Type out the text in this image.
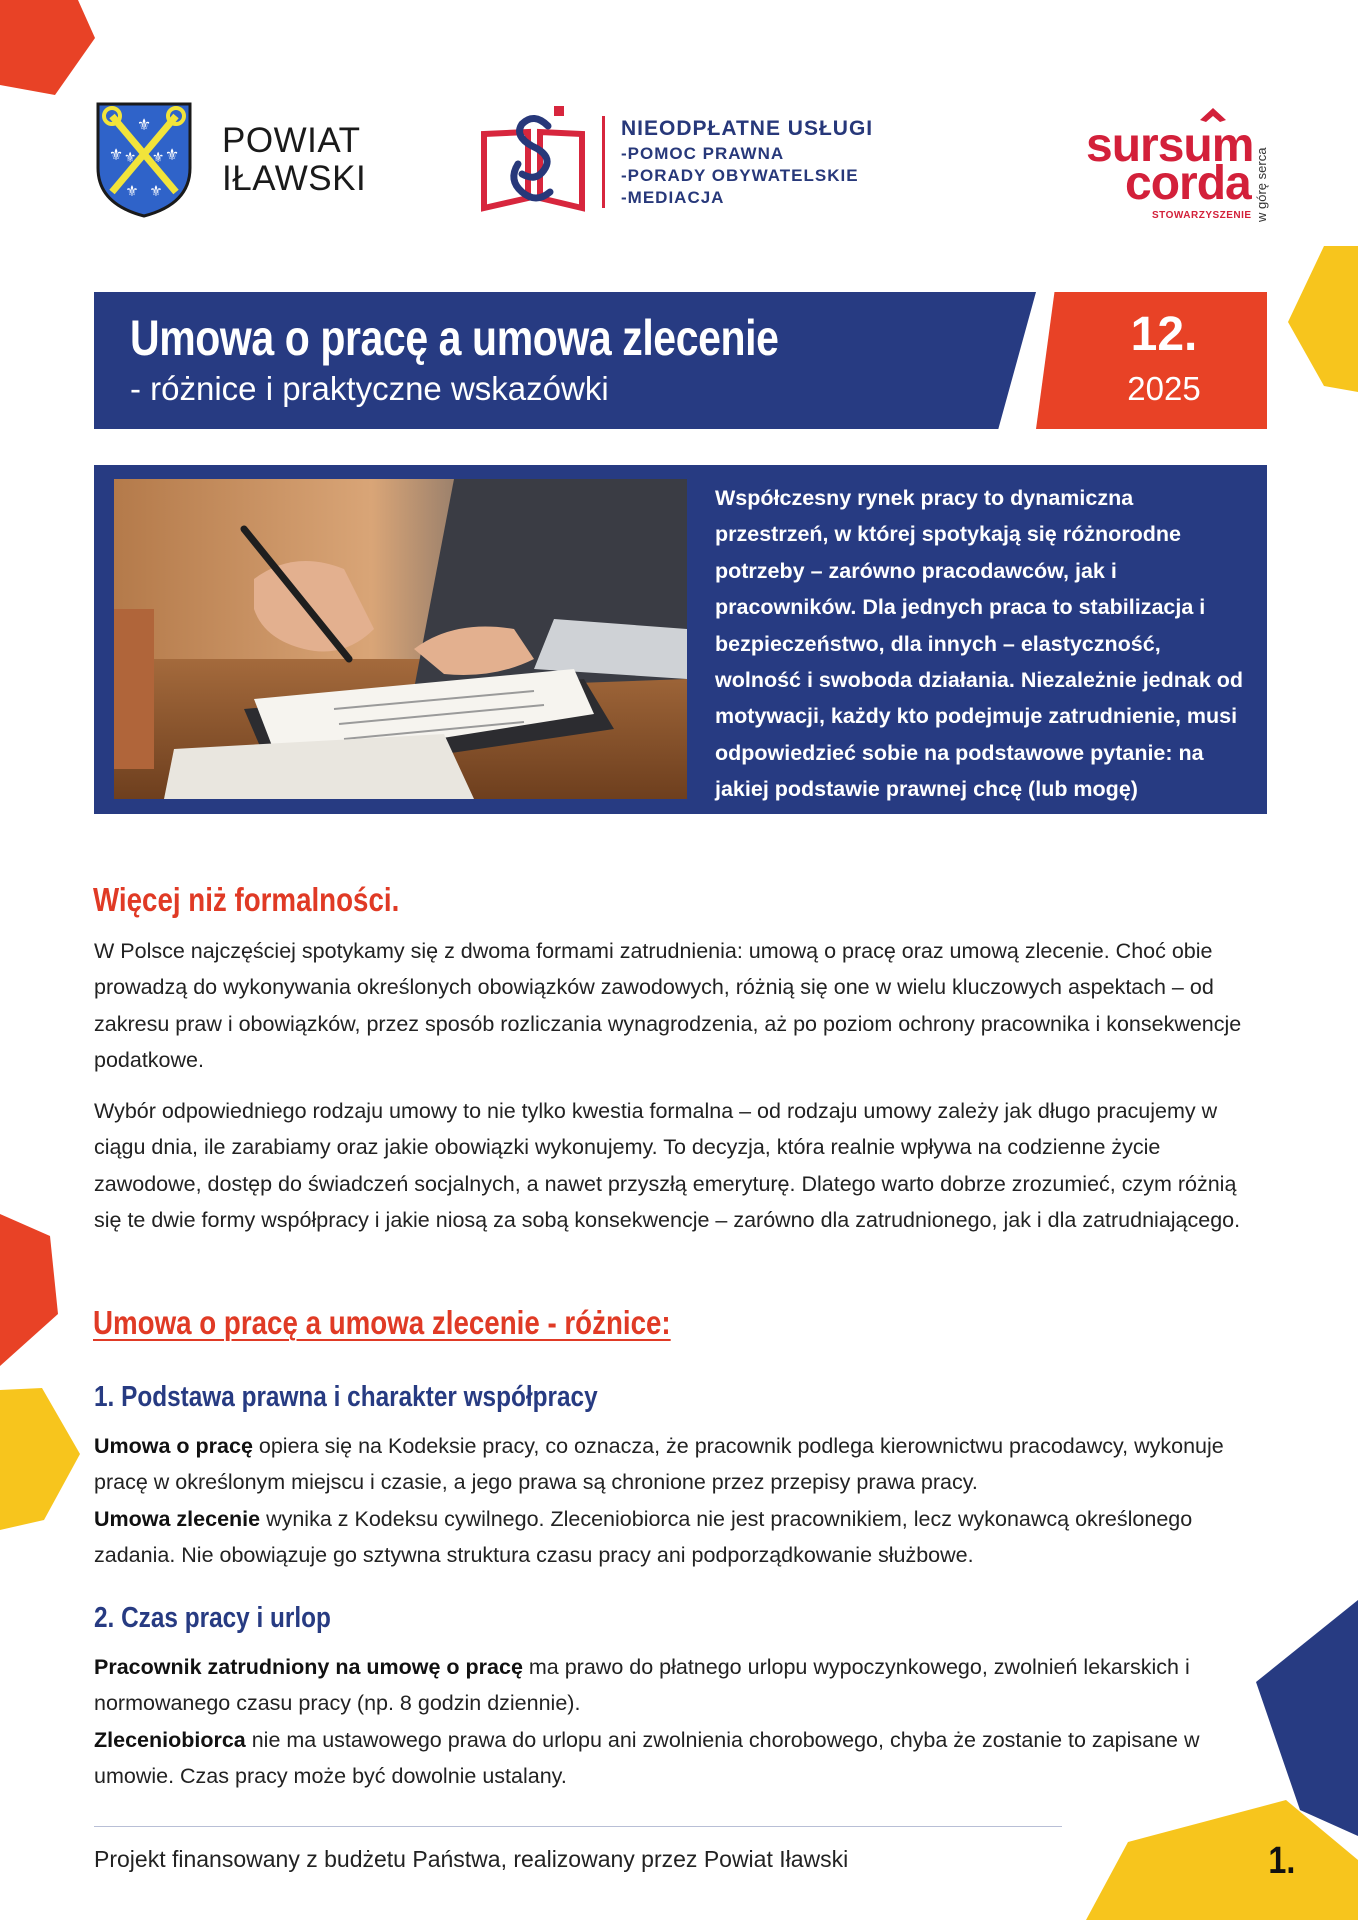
⚜
⚜	⚜
⚜ ⚜
⚜ ⚜
POWIAT
IŁAWSKI
NIEODPŁATNE USŁUGI
-POMOC PRAWNA
-PORADY OBYWATELSKIE
-MEDIACJA
sursum
corda
STOWARZYSZENIE w górę serca
Umowa o pracę a umowa zlecenie
- różnice i praktyczne wskazówki
12.
2025
Współczesny rynek pracy to dynamiczna przestrzeń, w której spotykają się różnorodne potrzeby – zarówno pracodawców, jak i pracowników. Dla jednych praca to stabilizacja i bezpieczeństwo, dla innych – elastyczność, wolność i swoboda działania. Niezależnie jednak od motywacji, każdy kto podejmuje zatrudnienie, musi odpowiedzieć sobie na podstawowe pytanie: na jakiej podstawie prawnej chcę (lub mogę) pracować?
Więcej niż formalności.

W Polsce najczęściej spotykamy się z dwoma formami zatrudnienia: umową o pracę oraz umową zlecenie. Choć obie prowadzą do wykonywania określonych obowiązków zawodowych, różnią się one w wielu kluczowych aspektach – od zakresu praw i obowiązków, przez sposób rozliczania wynagrodzenia, aż po poziom ochrony pracownika i konsekwencje podatkowe.

Wybór odpowiedniego rodzaju umowy to nie tylko kwestia formalna – od rodzaju umowy zależy jak długo pracujemy w ciągu dnia, ile zarabiamy oraz jakie obowiązki wykonujemy. To decyzja, która realnie wpływa na codzienne życie zawodowe, dostęp do świadczeń socjalnych, a nawet przyszłą emeryturę. Dlatego warto dobrze zrozumieć, czym różnią się te dwie formy współpracy i jakie niosą za sobą konsekwencje – zarówno dla zatrudnionego, jak i dla zatrudniającego.

Umowa o pracę a umowa zlecenie - różnice:
1. Podstawa prawna i charakter współpracy

Umowa o pracę opiera się na Kodeksie pracy, co oznacza, że pracownik podlega kierownictwu pracodawcy, wykonuje pracę w określonym miejscu i czasie, a jego prawa są chronione przez przepisy prawa pracy.

Umowa zlecenie wynika z Kodeksu cywilnego. Zleceniobiorca nie jest pracownikiem, lecz wykonawcą określonego zadania. Nie obowiązuje go sztywna struktura czasu pracy ani podporządkowanie służbowe.

2. Czas pracy i urlop

Pracownik zatrudniony na umowę o pracę ma prawo do płatnego urlopu wypoczynkowego, zwolnień lekarskich i normowanego czasu pracy (np. 8 godzin dziennie).

Zleceniobiorca nie ma ustawowego prawa do urlopu ani zwolnienia chorobowego, chyba że zostanie to zapisane w umowie. Czas pracy może być dowolnie ustalany.

Projekt finansowany z budżetu Państwa, realizowany przez Powiat Iławski	1.
